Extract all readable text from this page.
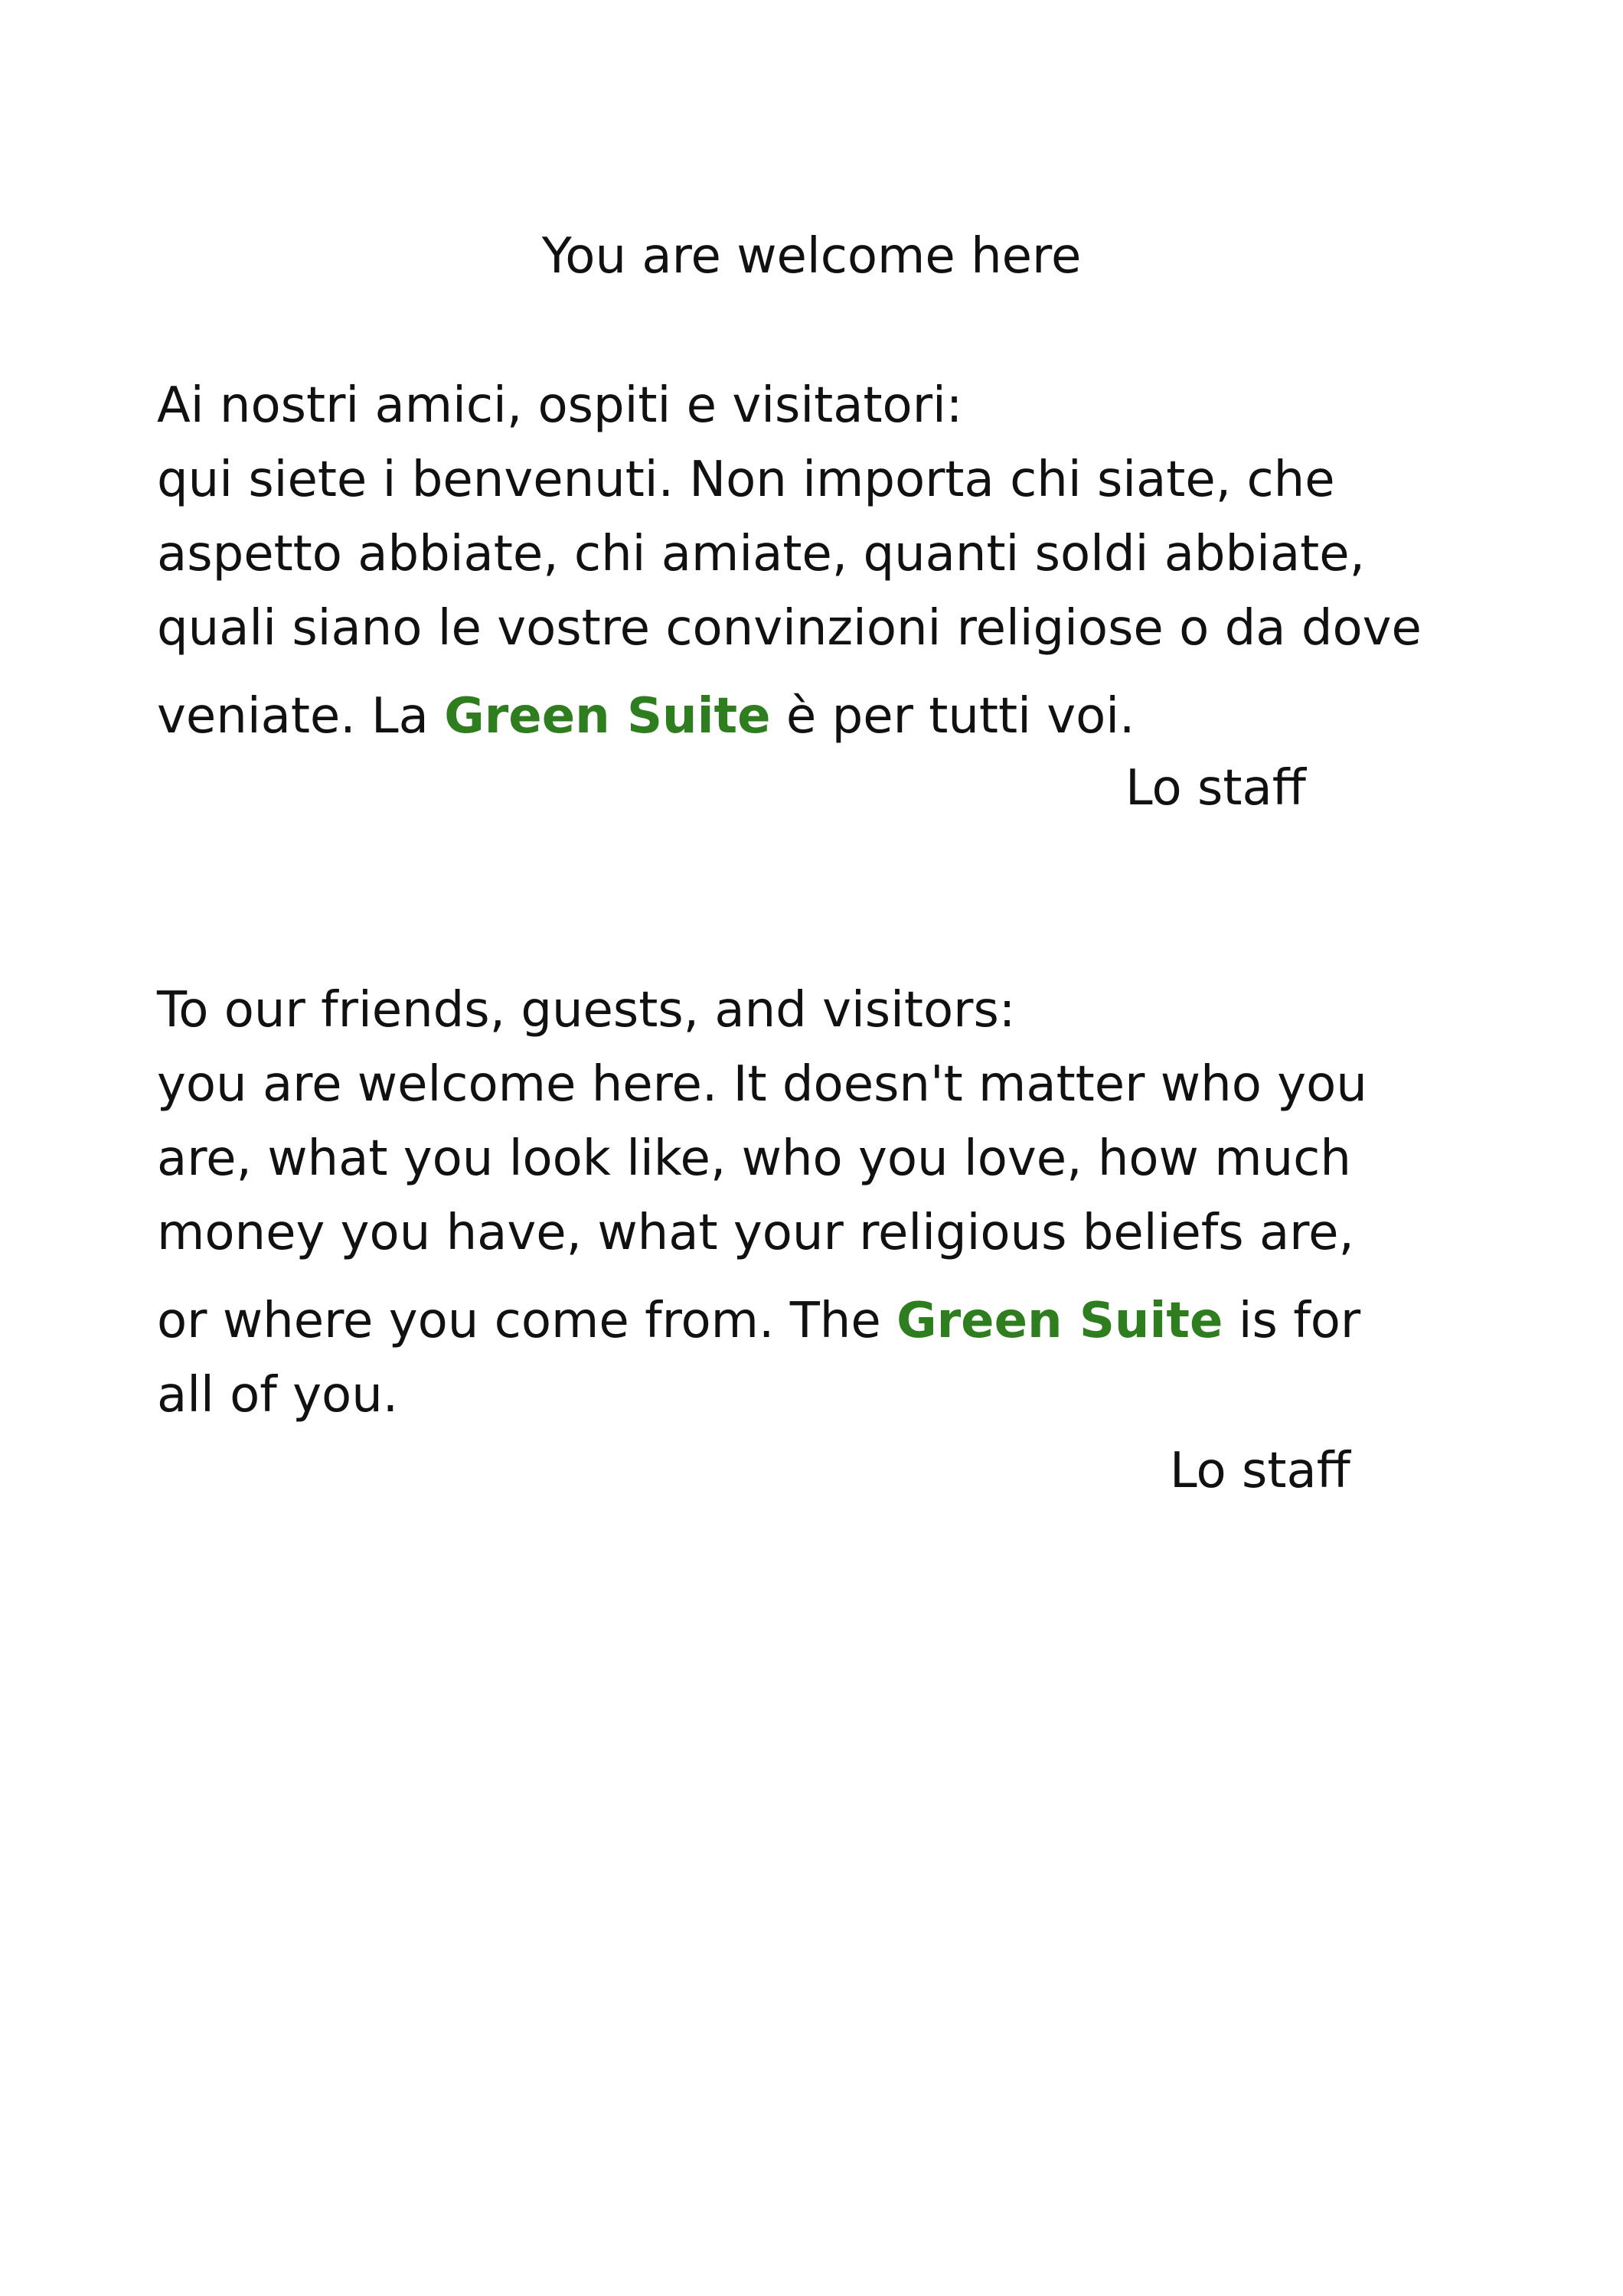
You are welcome here
Ai nostri amici, ospiti e visitatori:
qui siete i benvenuti. Non importa chi siate, che
aspetto abbiate, chi amiate, quanti soldi abbiate,
quali siano le vostre convinzioni religiose o da dove
veniate. La Green Suite è per tutti voi.
Lo staff
To our friends, guests, and visitors:
you are welcome here. It doesn't matter who you
are, what you look like, who you love, how much
money you have, what your religious beliefs are,
or where you come from. The Green Suite is for
all of you.
Lo staff
